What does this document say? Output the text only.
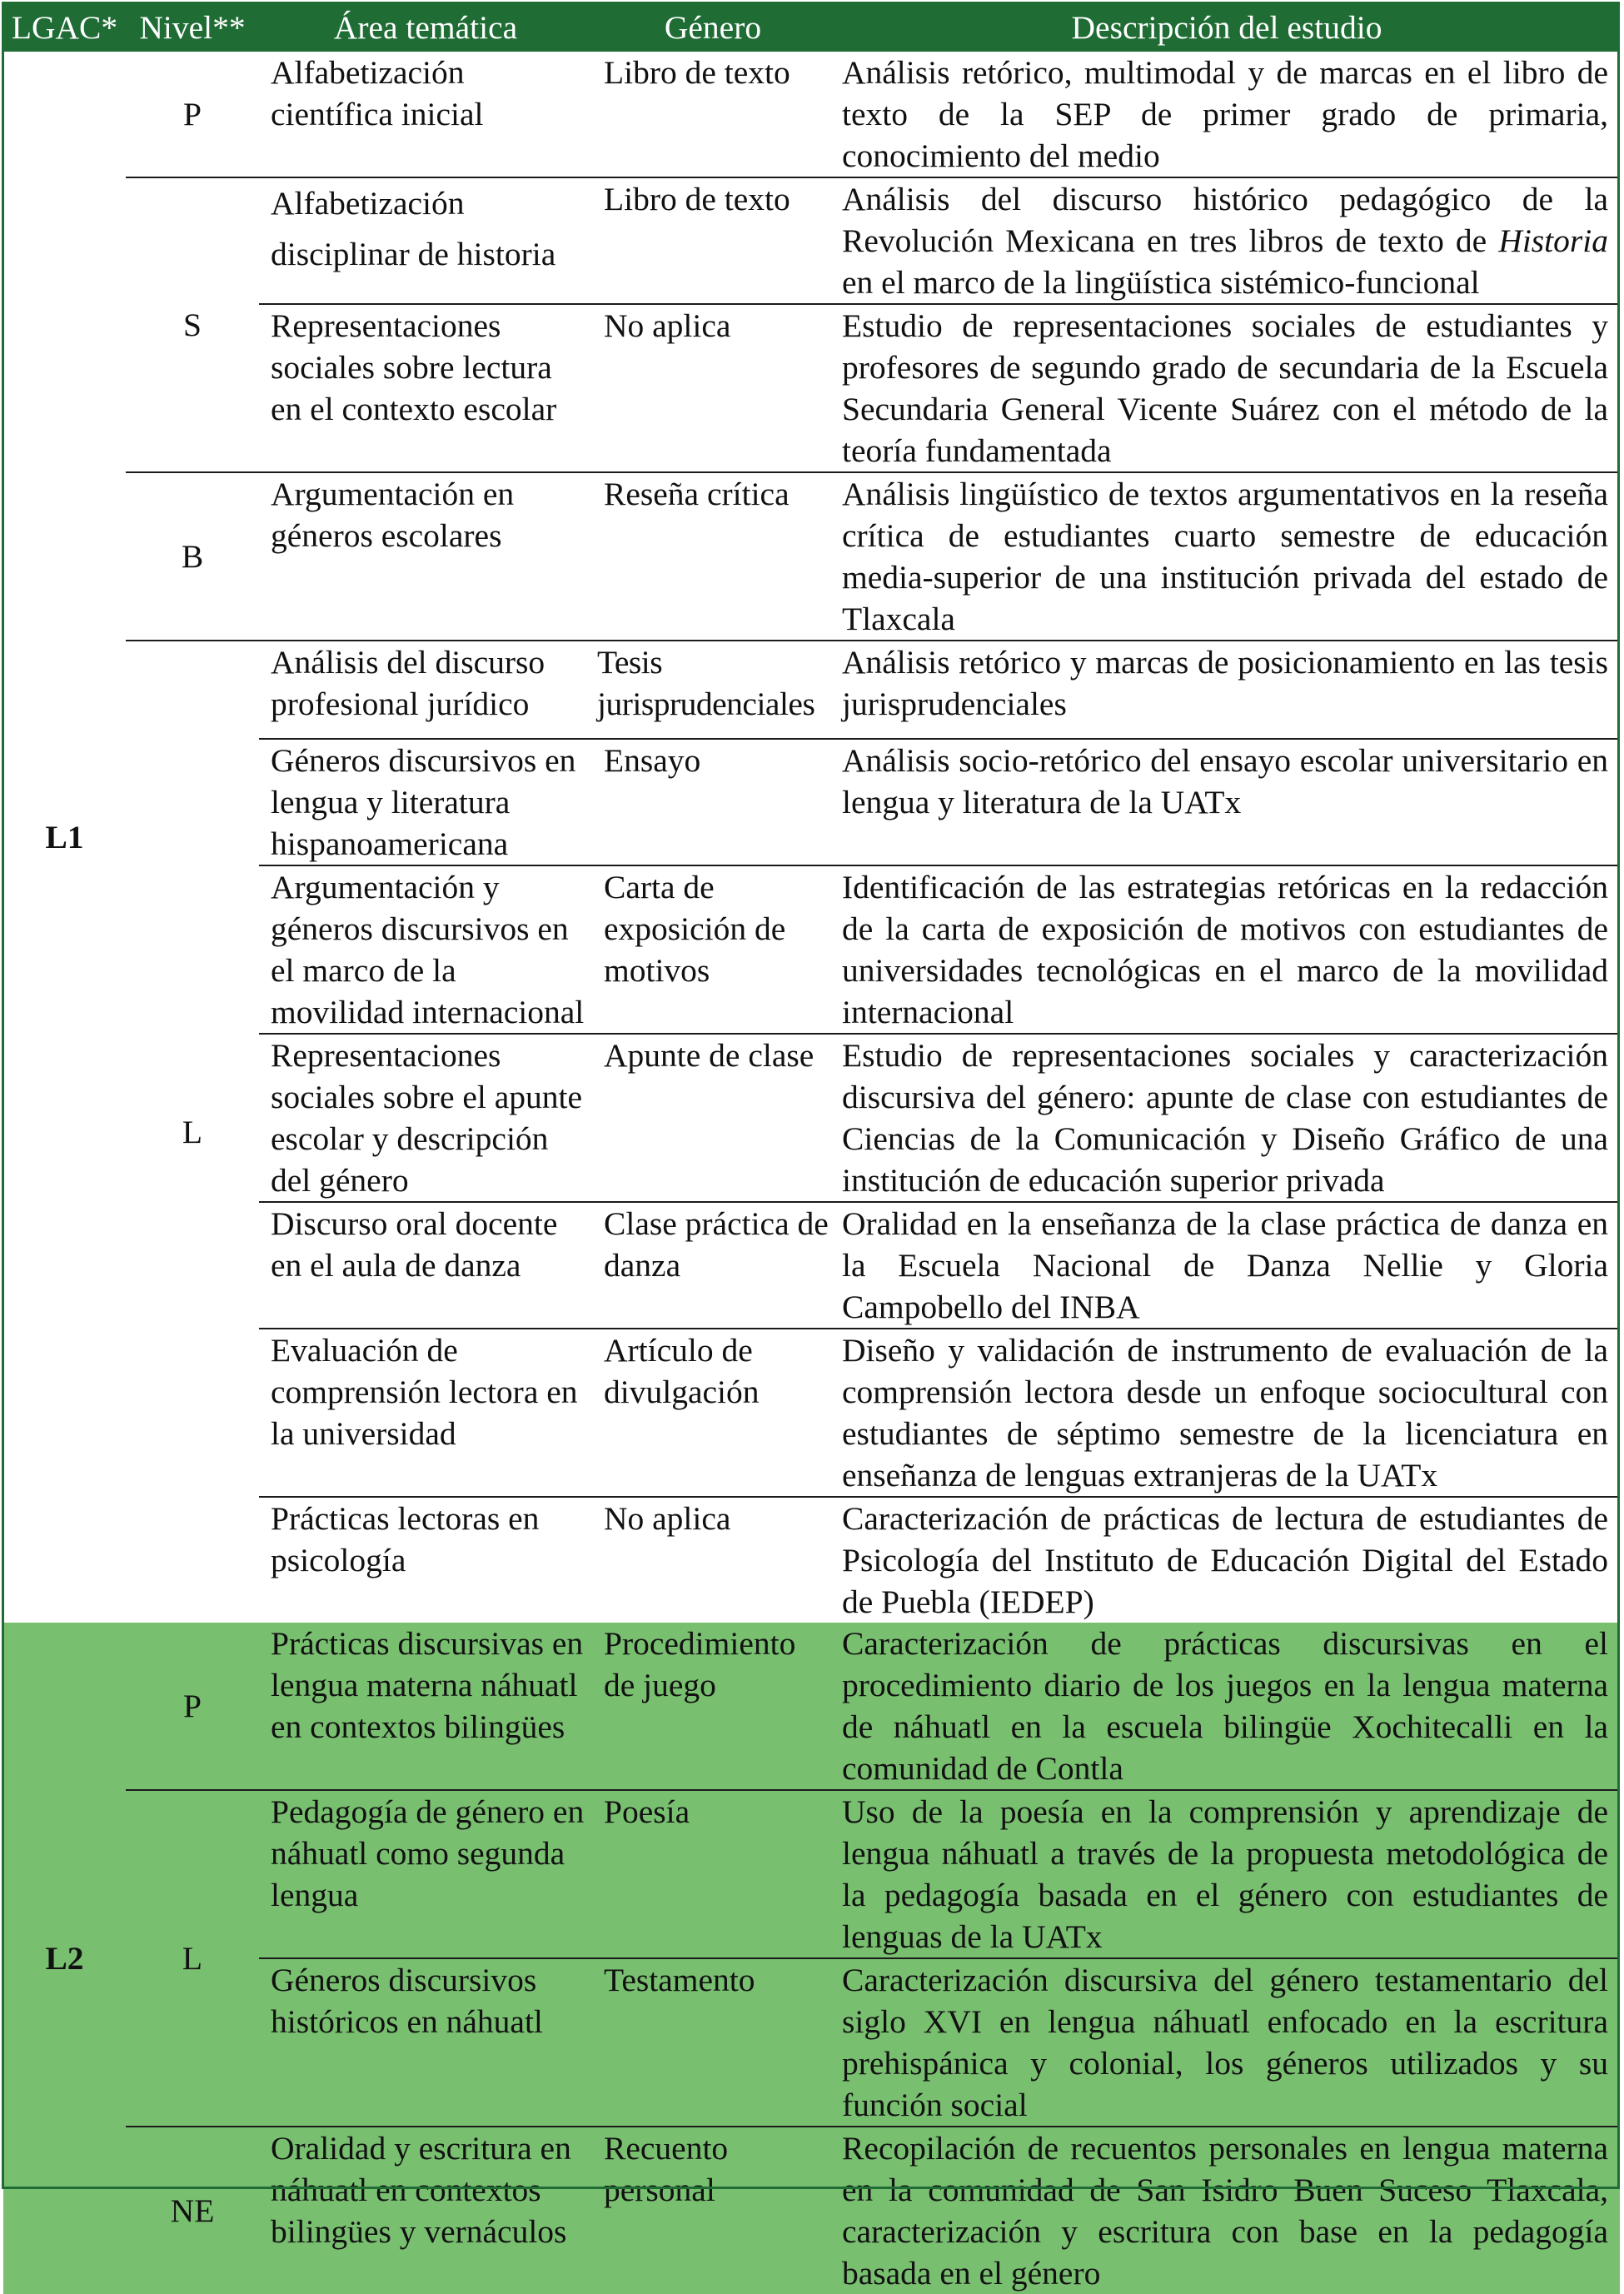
LGAC*	Nivel**	Área temática	Género	Descripción del estudio
L1	P	Alfabetización científica inicial	Libro de texto	Análisis retórico, multimodal y de marcas en el libro de texto de la SEP de primer grado de primaria, conocimiento del medio
	S	Alfabetización disciplinar de historia	Libro de texto	Análisis del discurso histórico pedagógico de la Revolución Mexicana en tres libros de texto de Historia en el marco de la lingüística sistémico-funcional
		Representaciones sociales sobre lectura en el contexto escolar	No aplica	Estudio de representaciones sociales de estudiantes y profesores de segundo grado de secundaria de la Escuela Secundaria General Vicente Suárez con el método de la teoría fundamentada
	B	Argumentación en géneros escolares	Reseña crítica	Análisis lingüístico de textos argumentativos en la reseña crítica de estudiantes cuarto semestre de educación media-superior de una institución privada del estado de Tlaxcala
	L	Análisis del discurso profesional jurídico	Tesis jurisprudenciales	Análisis retórico y marcas de posicionamiento en las tesis jurisprudenciales
		Géneros discursivos en lengua y literatura hispanoamericana	Ensayo	Análisis socio-retórico del ensayo escolar universitario en lengua y literatura de la UATx
		Argumentación y géneros discursivos en el marco de la movilidad internacional	Carta de exposición de motivos	Identificación de las estrategias retóricas en la redacción de la carta de exposición de motivos con estudiantes de universidades tecnológicas en el marco de la movilidad internacional
		Representaciones sociales sobre el apunte escolar y descripción del género	Apunte de clase	Estudio de representaciones sociales y caracterización discursiva del género: apunte de clase con estudiantes de Ciencias de la Comunicación y Diseño Gráfico de una institución de educación superior privada
		Discurso oral docente en el aula de danza	Clase práctica de danza	Oralidad en la enseñanza de la clase práctica de danza en la Escuela Nacional de Danza Nellie y Gloria Campobello del INBA
		Evaluación de comprensión lectora en la universidad	Artículo de divulgación	Diseño y validación de instrumento de evaluación de la comprensión lectora desde un enfoque sociocultural con estudiantes de séptimo semestre de la licenciatura en enseñanza de lenguas extranjeras de la UATx
		Prácticas lectoras en psicología	No aplica	Caracterización de prácticas de lectura de estudiantes de Psicología del Instituto de Educación Digital del Estado de Puebla (IEDEP)

L2	P	Prácticas discursivas en lengua materna náhuatl en contextos bilingües	Procedimiento de juego	Caracterización de prácticas discursivas en el procedimiento diario de los juegos en la lengua materna de náhuatl en la escuela bilingüe Xochitecalli en la comunidad de Contla
	L	Pedagogía de género en náhuatl como segunda lengua	Poesía	Uso de la poesía en la comprensión y aprendizaje de lengua náhuatl a través de la propuesta metodológica de la pedagogía basada en el género con estudiantes de lenguas de la UATx
		Géneros discursivos históricos en náhuatl	Testamento	Caracterización discursiva del género testamentario del siglo XVI en lengua náhuatl enfocado en la escritura prehispánica y colonial, los géneros utilizados y su función social
	NE	Oralidad y escritura en náhuatl en contextos bilingües y vernáculos	Recuento personal	Recopilación de recuentos personales en lengua materna en la comunidad de San Isidro Buen Suceso Tlaxcala, caracterización y escritura con base en la pedagogía basada en el género
